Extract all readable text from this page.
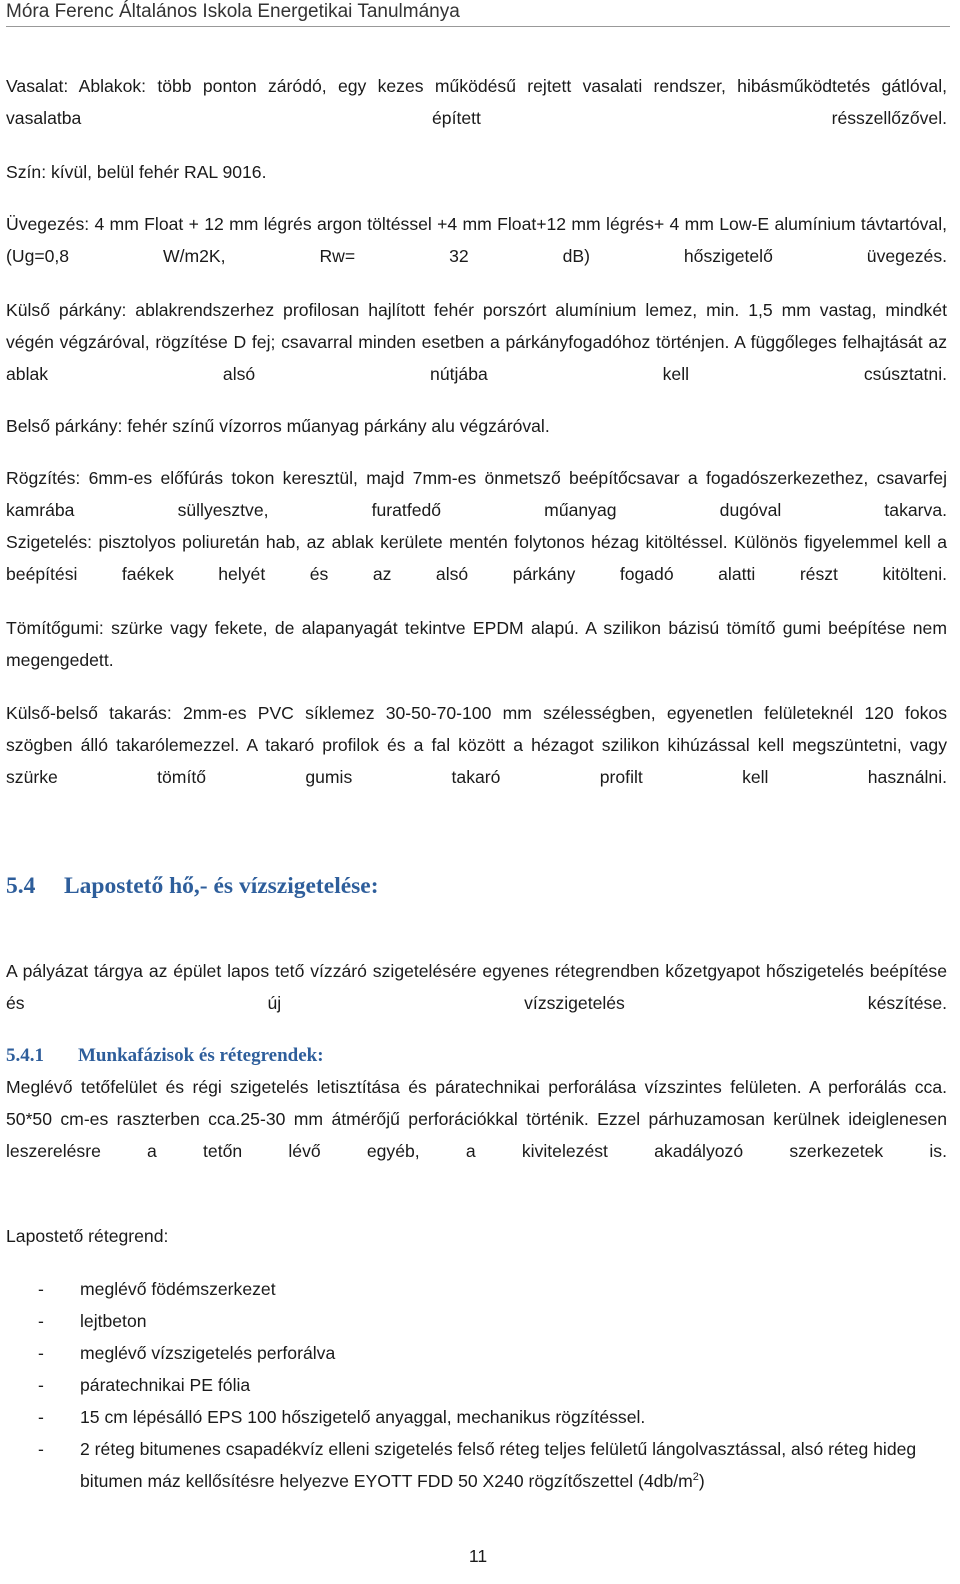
Móra Ferenc Általános Iskola Energetikai Tanulmánya

Vasalat: Ablakok: több ponton záródó, egy kezes működésű rejtett vasalati rendszer, hibásműködtetés gátlóval, vasalatba épített résszellőzővel.

Szín: kívül, belül fehér RAL 9016.

Üvegezés: 4 mm Float + 12 mm légrés argon töltéssel +4 mm Float+12 mm légrés+ 4 mm Low-E alumínium távtartóval, (Ug=0,8 W/m2K, Rw= 32 dB) hőszigetelő üvegezés.

Külső párkány: ablakrendszerhez profilosan hajlított fehér porszórt alumínium lemez, min. 1,5 mm vastag, mindkét végén végzáróval, rögzítése D fej; csavarral minden esetben a párkányfogadóhoz történjen. A függőleges felhajtását az ablak alsó nútjába kell csúsztatni.

Belső párkány: fehér színű vízorros műanyag párkány alu végzáróval.

Rögzítés: 6mm-es előfúrás tokon keresztül, majd 7mm-es önmetsző beépítőcsavar a fogadószerkezethez, csavarfej kamrába süllyesztve, furatfedő műanyag dugóval takarva.

Szigetelés: pisztolyos poliuretán hab, az ablak kerülete mentén folytonos hézag kitöltéssel. Különös figyelemmel kell a beépítési faékek helyét és az alsó párkány fogadó alatti részt kitölteni.

Tömítőgumi: szürke vagy fekete, de alapanyagát tekintve EPDM alapú. A szilikon bázisú tömítő gumi beépítése nem megengedett.

Külső-belső takarás: 2mm-es PVC síklemez 30-50-70-100 mm szélességben, egyenetlen felületeknél 120 fokos szögben álló takarólemezzel. A takaró profilok és a fal között a hézagot szilikon kihúzással kell megszüntetni, vagy szürke tömítő gumis takaró profilt kell használni.

5.4 Lapostető hő,- és vízszigetelése:

A pályázat tárgya az épület lapos tető vízzáró szigetelésére egyenes rétegrendben kőzetgyapot hőszigetelés beépítése és új vízszigetelés készítése.

5.4.1 Munkafázisok és rétegrendek:

Meglévő tetőfelület és régi szigetelés letisztítása és páratechnikai perforálása vízszintes felületen. A perforálás cca. 50*50 cm-es raszterben cca.25-30 mm átmérőjű perforációkkal történik. Ezzel párhuzamosan kerülnek ideiglenesen leszerelésre a tetőn lévő egyéb, a kivitelezést akadályozó szerkezetek is.

Lapostető rétegrend:

- meglévő födémszerkezet
- lejtbeton
- meglévő vízszigetelés perforálva
- páratechnikai PE fólia
- 15 cm lépésálló EPS 100 hőszigetelő anyaggal, mechanikus rögzítéssel.
- 2 réteg bitumenes csapadékvíz elleni szigetelés felső réteg teljes felületű lángolvasztással, alsó réteg hideg bitumen máz kellősítésre helyezve EYOTT FDD 50 X240 rögzítőszettel $(4db/m^2)$
11
